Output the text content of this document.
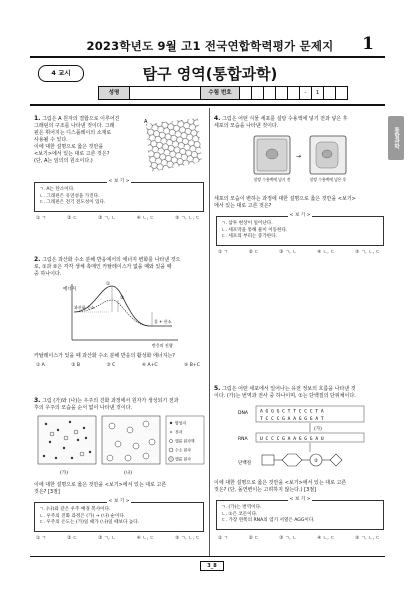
2023학년도 9월 고1 전국연합학력평가 문제지	1
4 교시	탐구 영역(통합과학)
성명	수험 번호	-	1
통합과학
1. 그림은 A 원자의 결합으로 이루어진
그래핀의 구조를 나타낸 것이다. 그래
핀은 휘어지는 디스플레이의 소재로
사용될 수 있다.
이에 대한 설명으로 옳은 것만을
<보기>에서 있는 대로 고른 것은?
(단, A는 임의의 원소이다.)
A
< 보 기 >
ㄱ. A는 탄소이다.
ㄴ. 그래핀은 유연성을 가진다.
ㄷ. 그래핀은 전기 전도성이 있다.
① ㄱ	② ㄷ	③ ㄱ, ㄴ	④ ㄴ, ㄷ	⑤ ㄱ, ㄴ, ㄷ
2. 그림은 과산화 수소 분해 반응에서의 에너지 변화를 나타낸 것으
로, ①과 ②은 각각 생체 촉매인 카탈레이스가 없을 때와 있을 때
중 하나이다.
에너지
①
②
과산화 수소
물 + 산소
반응의 진행
카탈레이스가 있을 때 과산화 수소 분해 반응의 활성화 에너지는?
① A	② B	③ C	④ A+C	⑤ B+C
3. 그림 (가)와 (나)는 우주의 진화 과정에서 원자가 생성되기 전과
후의 우주의 모습을 순서 없이 나타낸 것이다.
(가)	(나)
양성자
전자
헬륨 원자핵
수소 원자
헬륨 원자
이에 대한 설명으로 옳은 것만을 <보기>에서 있는 대로 고른
것은? [3점]
< 보 기 >
ㄱ. (나)와 같은 우주 배경 복사이다.
ㄴ. 우주의 진화 과정은 (가) → (나) 순이다.
ㄷ. 우주의 온도는 (가)일 때가 (나)일 때보다 높다.
① ㄱ	② ㄷ	③ ㄱ, ㄴ	④ ㄴ, ㄷ	⑤ ㄱ, ㄴ, ㄷ
4. 그림은 어떤 식물 세포를 설탕 수용액에 넣기 전과 넣은 후
세포의 모습을 나타낸 것이다.
→
설탕 수용액에 넣기 전	설탕 수용액에 넣은 후
세포의 모습이 변하는 과정에 대한 설명으로 옳은 것만을 <보기>
에서 있는 대로 고른 것은?
< 보 기 >
ㄱ. 삼투 현상이 일어난다.
ㄴ. 세포막을 통해 물이 이동한다.
ㄷ. 세포의 부피는 증가한다.
① ㄱ	② ㄷ	③ ㄱ, ㄴ	④ ㄴ, ㄷ	⑤ ㄱ, ㄴ, ㄷ
5. 그림은 어떤 세포에서 일어나는 유전 정보의 흐름을 나타낸 것
이다. (가)는 번역과 전사 중 하나이며, ①는 단백질의 단위체이다.
DNA	A G G G C T T C C C T A
T C C C G A A G G G A T
(가)
RNA	U C C C G A A G G G A U
단백질	②
이에 대한 설명으로 옳은 것만을 <보기>에서 있는 대로 고른
것은? (단, 돌연변이는 고려하지 않는다.) [3점]
< 보 기 >
ㄱ. (가)는 번역이다.
ㄴ. ①은 코돈이다.
ㄷ. 가장 왼쪽의 RNA의 염기 서열은 AGG이다.
① ㄱ	② ㄷ	③ ㄱ, ㄴ	④ ㄴ, ㄷ	⑤ ㄱ, ㄴ, ㄷ
3_8
